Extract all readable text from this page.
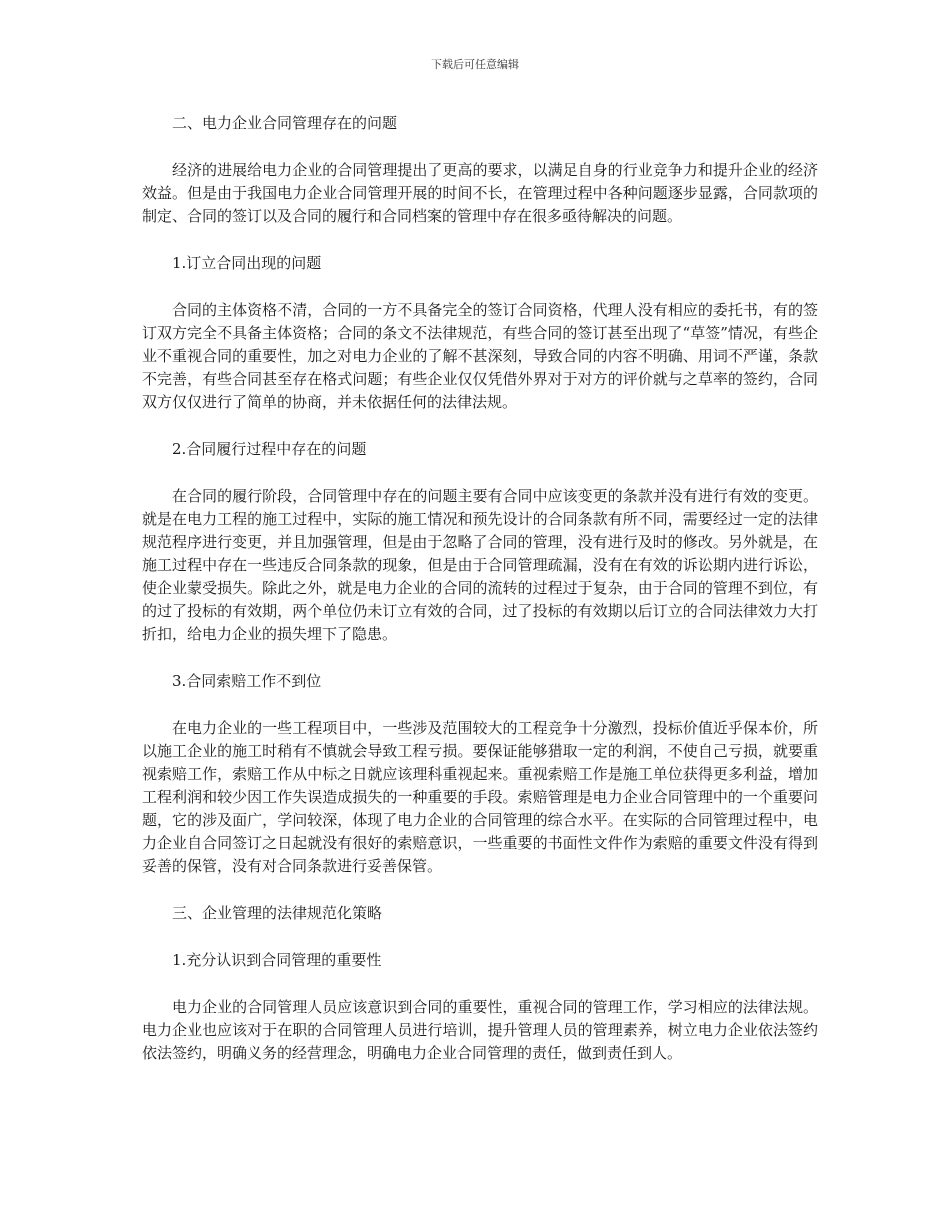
下载后可任意编辑

二、电力企业合同管理存在的问题

经济的进展给电力企业的合同管理提出了更高的要求，以满足自身的行业竞争力和提升企业的经济效益。但是由于我国电力企业合同管理开展的时间不长，在管理过程中各种问题逐步显露，合同款项的制定、合同的签订以及合同的履行和合同档案的管理中存在很多亟待解决的问题。

1.订立合同出现的问题

合同的主体资格不清，合同的一方不具备完全的签订合同资格，代理人没有相应的委托书，有的签订双方完全不具备主体资格；合同的条文不法律规范，有些合同的签订甚至出现了“草签”情况，有些企业不重视合同的重要性，加之对电力企业的了解不甚深刻，导致合同的内容不明确、用词不严谨，条款不完善，有些合同甚至存在格式问题；有些企业仅仅凭借外界对于对方的评价就与之草率的签约，合同双方仅仅进行了简单的协商，并未依据任何的法律法规。

2.合同履行过程中存在的问题

在合同的履行阶段，合同管理中存在的问题主要有合同中应该变更的条款并没有进行有效的变更。就是在电力工程的施工过程中，实际的施工情况和预先设计的合同条款有所不同，需要经过一定的法律规范程序进行变更，并且加强管理，但是由于忽略了合同的管理，没有进行及时的修改。另外就是，在施工过程中存在一些违反合同条款的现象，但是由于合同管理疏漏，没有在有效的诉讼期内进行诉讼，使企业蒙受损失。除此之外，就是电力企业的合同的流转的过程过于复杂，由于合同的管理不到位，有的过了投标的有效期，两个单位仍未订立有效的合同，过了投标的有效期以后订立的合同法律效力大打折扣，给电力企业的损失埋下了隐患。

3.合同索赔工作不到位

在电力企业的一些工程项目中，一些涉及范围较大的工程竞争十分激烈，投标价值近乎保本价，所以施工企业的施工时稍有不慎就会导致工程亏损。要保证能够猎取一定的利润，不使自己亏损，就要重视索赔工作，索赔工作从中标之日就应该理科重视起来。重视索赔工作是施工单位获得更多利益，增加工程利润和较少因工作失误造成损失的一种重要的手段。索赔管理是电力企业合同管理中的一个重要问题，它的涉及面广，学问较深，体现了电力企业的合同管理的综合水平。在实际的合同管理过程中，电力企业自合同签订之日起就没有很好的索赔意识，一些重要的书面性文件作为索赔的重要文件没有得到妥善的保管，没有对合同条款进行妥善保管。

三、企业管理的法律规范化策略

1.充分认识到合同管理的重要性

电力企业的合同管理人员应该意识到合同的重要性，重视合同的管理工作，学习相应的法律法规。电力企业也应该对于在职的合同管理人员进行培训，提升管理人员的管理素养，树立电力企业依法签约依法签约，明确义务的经营理念，明确电力企业合同管理的责任，做到责任到人。
